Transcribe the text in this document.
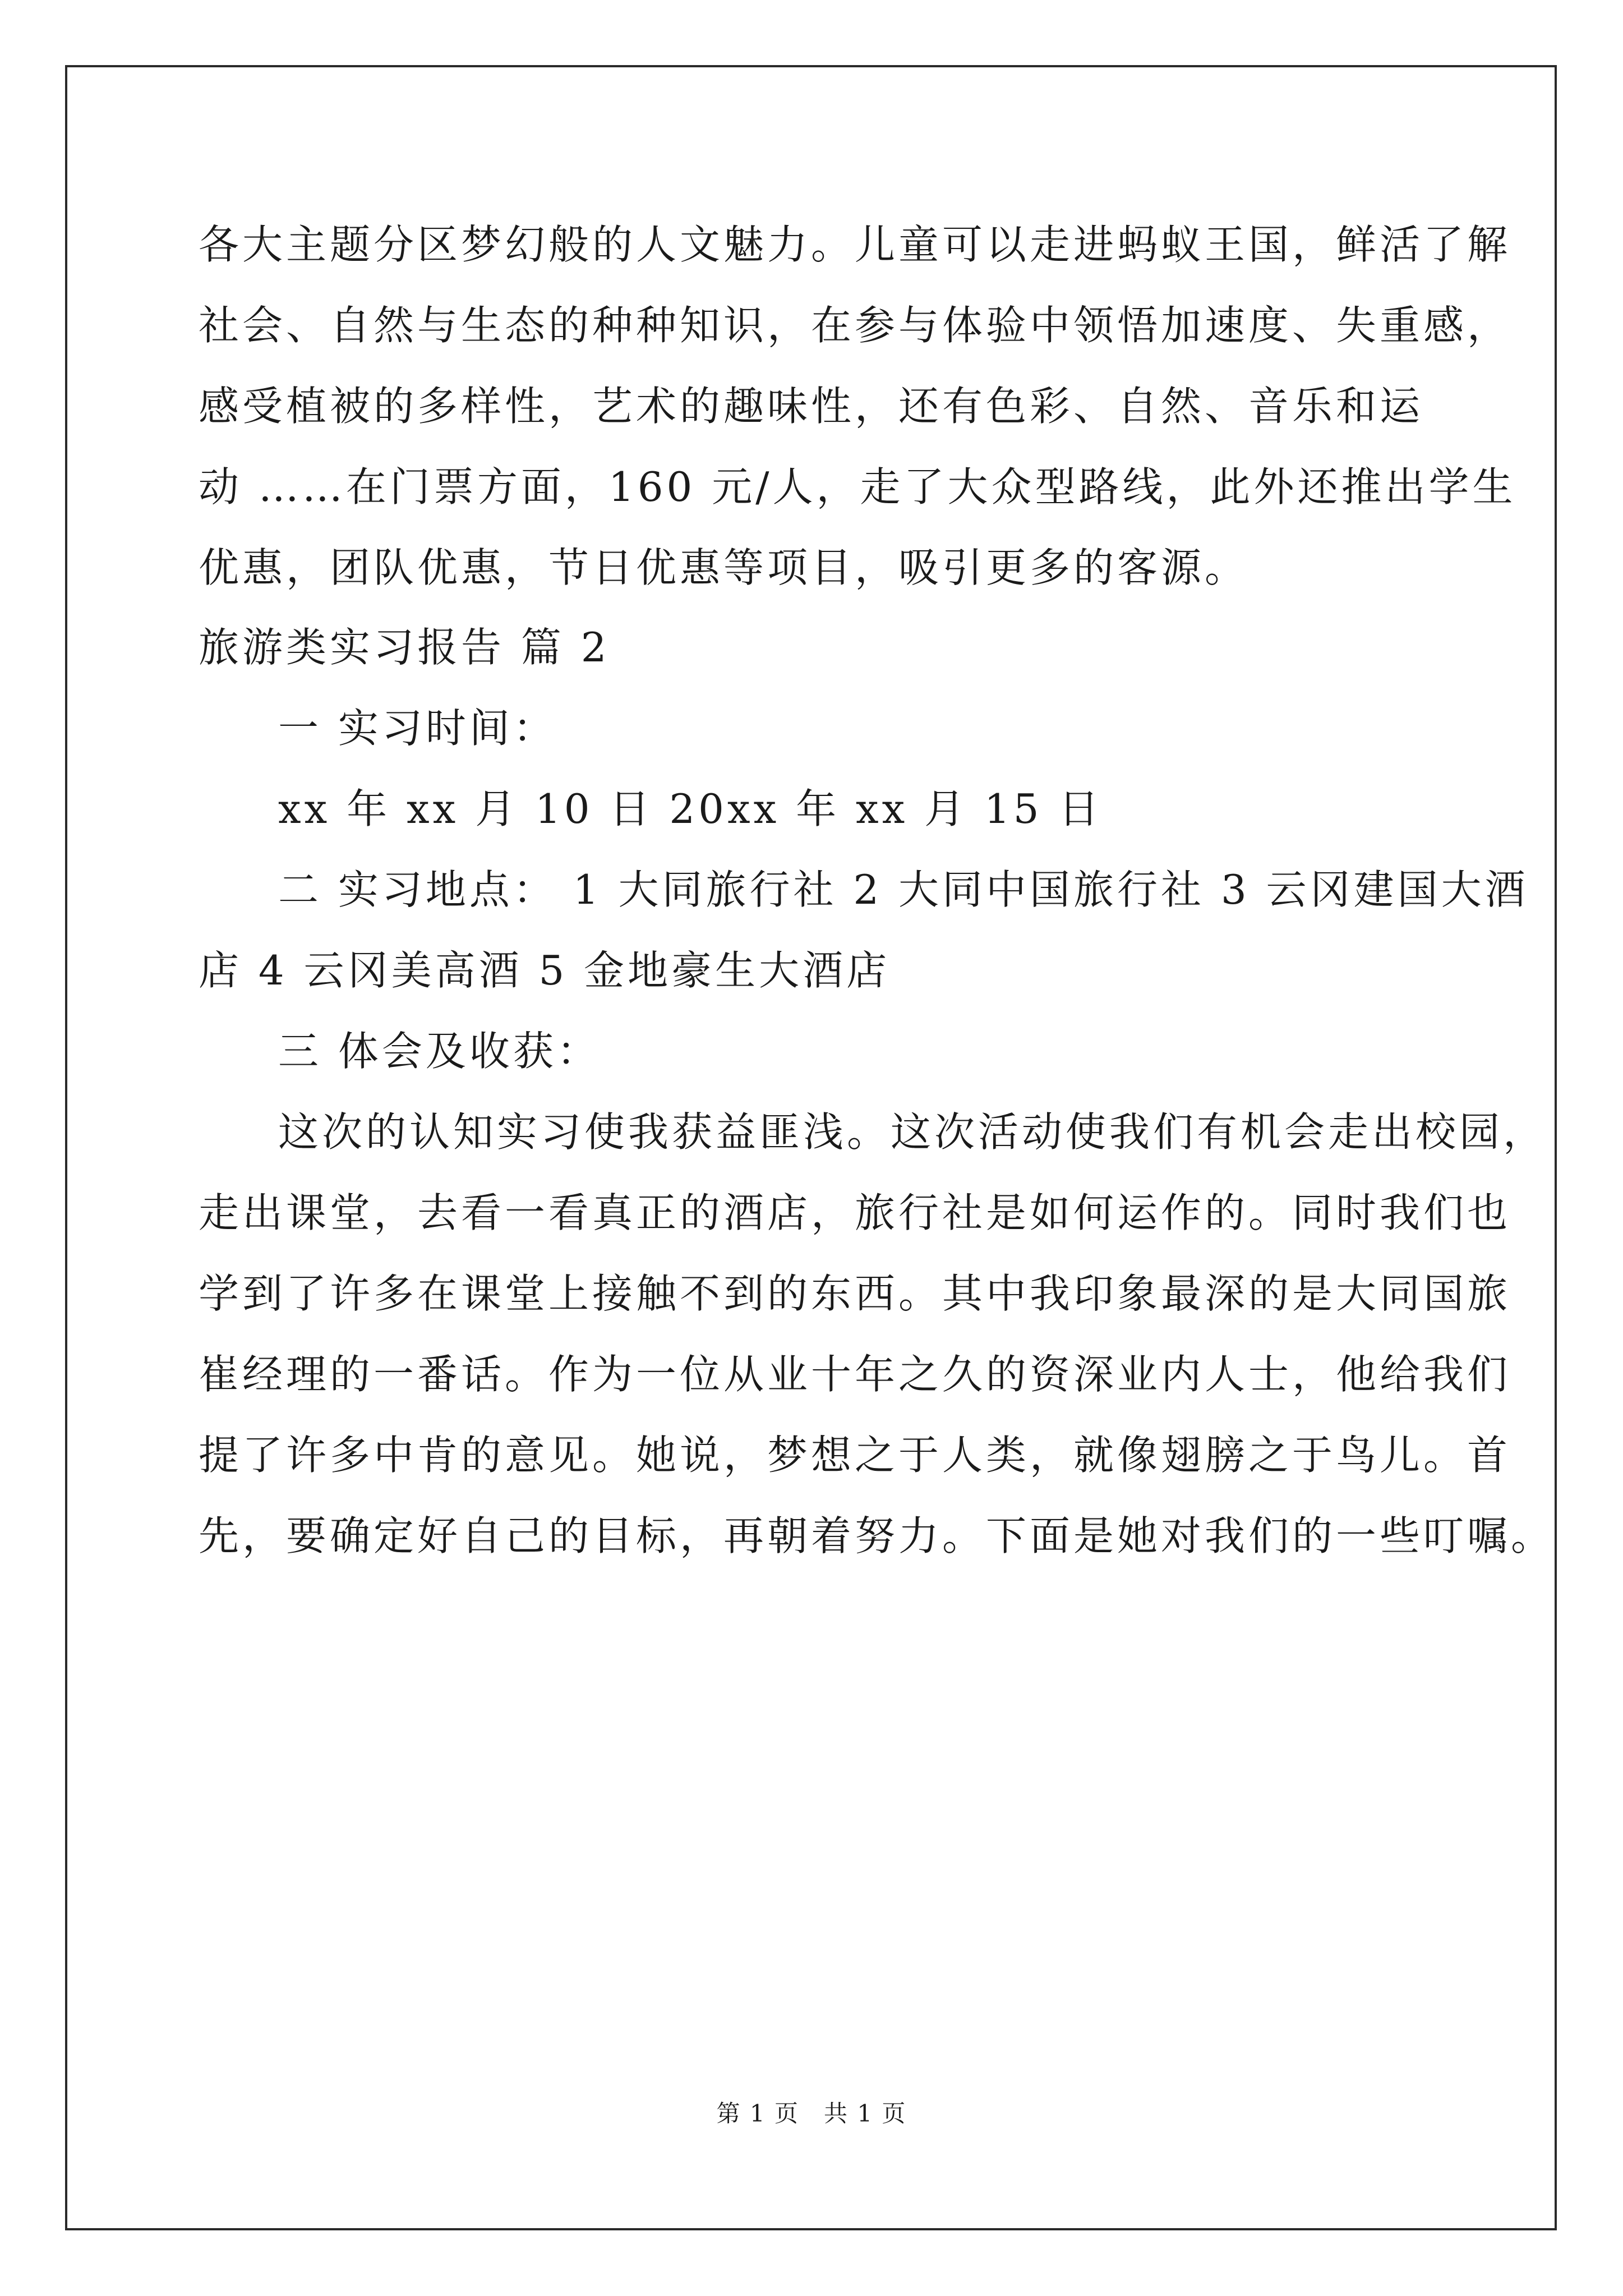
各大主题分区梦幻般的人文魅力。儿童可以走进蚂蚁王国，鲜活了解
社会、自然与生态的种种知识，在参与体验中领悟加速度、失重感，
感受植被的多样性，艺术的趣味性，还有色彩、自然、音乐和运
动 ……在门票方面，160 元/人，走了大众型路线，此外还推出学生
优惠，团队优惠，节日优惠等项目，吸引更多的客源。
旅游类实习报告 篇 2
一 实习时间：
xx 年 xx 月 10 日 20xx 年 xx 月 15 日
二 实习地点： 1 大同旅行社 2 大同中国旅行社 3 云冈建国大酒
店 4 云冈美高酒 5 金地豪生大酒店
三 体会及收获：
这次的认知实习使我获益匪浅。这次活动使我们有机会走出校园，
走出课堂，去看一看真正的酒店，旅行社是如何运作的。同时我们也
学到了许多在课堂上接触不到的东西。其中我印象最深的是大同国旅
崔经理的一番话。作为一位从业十年之久的资深业内人士，他给我们
提了许多中肯的意见。她说，梦想之于人类，就像翅膀之于鸟儿。首
先，要确定好自己的目标，再朝着努力。下面是她对我们的一些叮嘱。
第 1 页　共 1 页
